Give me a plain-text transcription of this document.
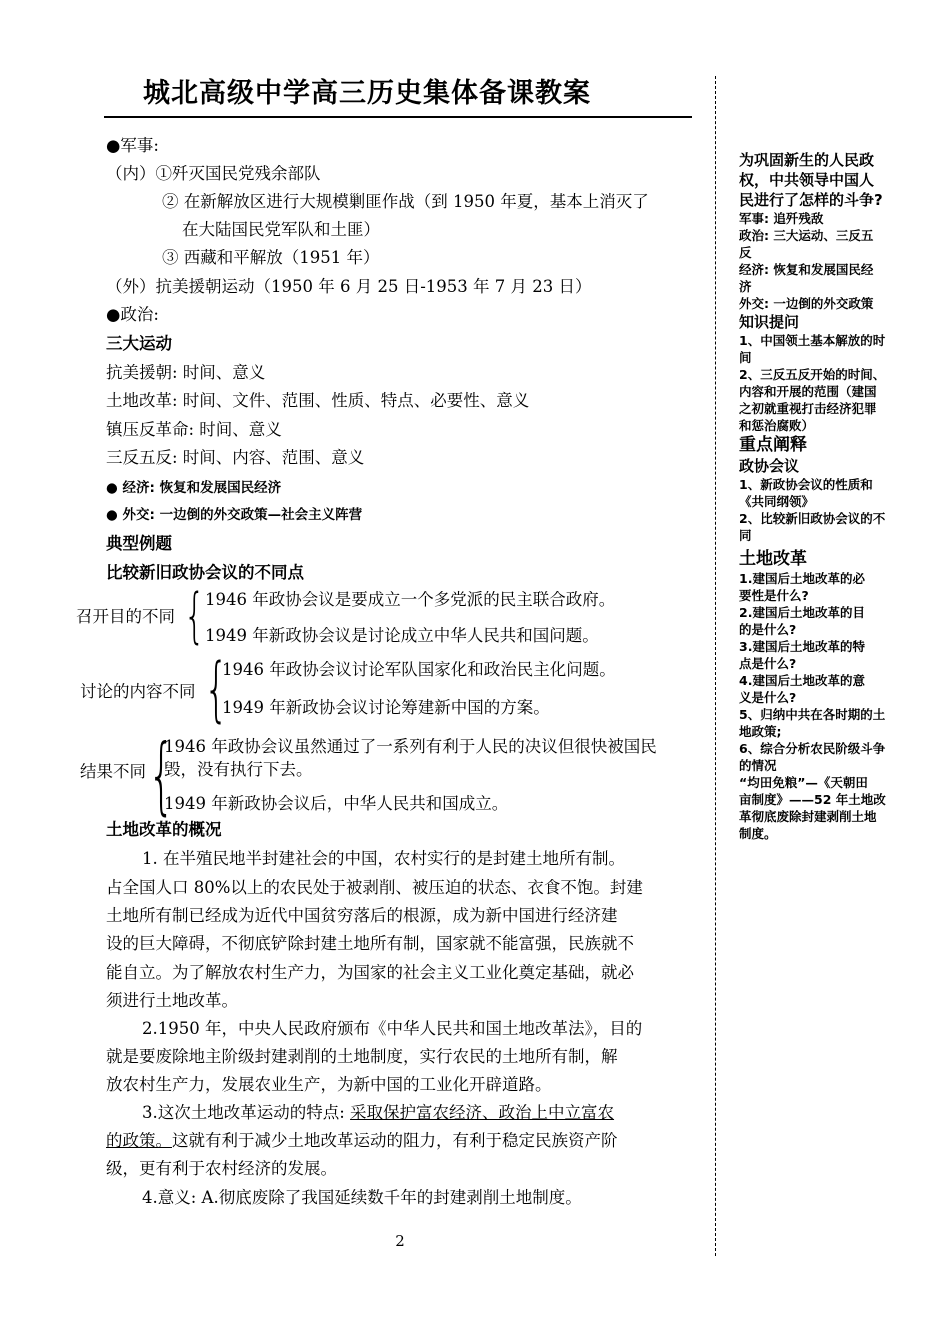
城北高级中学高三历史集体备课教案
●军事:
（内）①歼灭国民党残余部队
② 在新解放区进行大规模剿匪作战（到 1950 年夏，基本上消灭了
在大陆国民党军队和土匪）
③ 西藏和平解放（1951 年）
（外）抗美援朝运动（1950 年 6 月 25 日-1953 年 7 月 23 日）
●政治:
三大运动
抗美援朝: 时间、意义
土地改革: 时间、文件、范围、性质、特点、必要性、意义
镇压反革命: 时间、意义
三反五反: 时间、内容、范围、意义
● 经济: 恢复和发展国民经济
● 外交: 一边倒的外交政策—社会主义阵营
典型例题
比较新旧政协会议的不同点
召开目的不同 { 1946 年政协会议是要成立一个多党派的民主联合政府。
1949 年新政协会议是讨论成立中华人民共和国问题。
讨论的内容不同 {
1946 年政协会议讨论军队国家化和政治民主化问题。
1949 年新政协会议讨论筹建新中国的方案。
结果不同 {
1946 年政协会议虽然通过了一系列有利于人民的决议但很快被国民
毁，没有执行下去。
1949 年新政协会议后，中华人民共和国成立。
土地改革的概况
1. 在半殖民地半封建社会的中国，农村实行的是封建土地所有制。
占全国人口 80%以上的农民处于被剥削、被压迫的状态、衣食不饱。封建
土地所有制已经成为近代中国贫穷落后的根源，成为新中国进行经济建
设的巨大障碍，不彻底铲除封建土地所有制，国家就不能富强，民族就不
能自立。为了解放农村生产力，为国家的社会主义工业化奠定基础，就必
须进行土地改革。
2.1950 年，中央人民政府颁布《中华人民共和国土地改革法》，目的
就是要废除地主阶级封建剥削的土地制度，实行农民的土地所有制，解
放农村生产力，发展农业生产，为新中国的工业化开辟道路。
3.这次土地改革运动的特点: 采取保护富农经济、政治上中立富农
的政策。这就有利于减少土地改革运动的阻力，有利于稳定民族资产阶
级，更有利于农村经济的发展。
4.意义: A.彻底废除了我国延续数千年的封建剥削土地制度。
为巩固新生的人民政
权，中共领导中国人
民进行了怎样的斗争?
军事: 追歼残敌
政治: 三大运动、三反五
反
经济: 恢复和发展国民经
济
外交: 一边倒的外交政策
知识提问
1、中国领土基本解放的时
间
2、三反五反开始的时间、
内容和开展的范围（建国
之初就重视打击经济犯罪
和惩治腐败）
重点阐释
政协会议
1、新政协会议的性质和
《共同纲领》
2、比较新旧政协会议的不
同
土地改革
1.建国后土地改革的必
要性是什么?
2.建国后土地改革的目
的是什么?
3.建国后土地改革的特
点是什么?
4.建国后土地改革的意
义是什么?
5、归纳中共在各时期的土
地政策;
6、综合分析农民阶级斗争
的情况
“均田免粮”—《天朝田
亩制度》——52 年土地改
革彻底废除封建剥削土地
制度。
2
